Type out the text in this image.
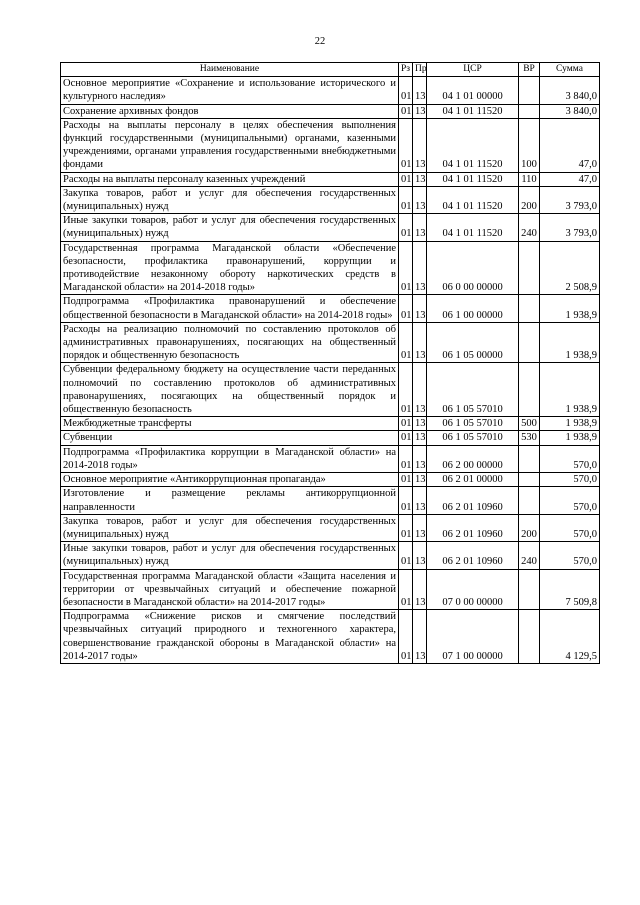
22
Наименование	Рз	Пр	ЦСР	ВР	Сумма
Основное мероприятие «Сохранение и использование исторического и культурного наследия»	01	13	04 1 01 00000		3 840,0
Сохранение архивных фондов	01	13	04 1 01 11520		3 840,0
Расходы на выплаты персоналу в целях обеспечения выполнения функций государственными (муниципальными) органами, казенными учреждениями, органами управления государственными внебюджетными фондами	01	13	04 1 01 11520	100	47,0
Расходы на выплаты персоналу казенных учреждений	01	13	04 1 01 11520	110	47,0
Закупка товаров, работ и услуг для обеспечения государственных (муниципальных) нужд	01	13	04 1 01 11520	200	3 793,0
Иные закупки товаров, работ и услуг для обеспечения государственных (муниципальных) нужд	01	13	04 1 01 11520	240	3 793,0
Государственная программа Магаданской области «Обеспечение безопасности, профилактика правонарушений, коррупции и противодействие незаконному обороту наркотических средств в Магаданской области» на 2014-2018 годы»	01	13	06 0 00 00000		2 508,9
Подпрограмма «Профилактика правонарушений и обеспечение общественной безопасности в Магаданской области» на 2014-2018 годы»	01	13	06 1 00 00000		1 938,9
Расходы на реализацию полномочий по составлению протоколов об административных правонарушениях, посягающих на общественный порядок и общественную безопасность	01	13	06 1 05 00000		1 938,9
Субвенции федеральному бюджету на осуществление части переданных полномочий по составлению протоколов об административных правонарушениях, посягающих на общественный порядок и общественную безопасность	01	13	06 1 05 57010		1 938,9
Межбюджетные трансферты	01	13	06 1 05 57010	500	1 938,9
Субвенции	01	13	06 1 05 57010	530	1 938,9
Подпрограмма «Профилактика коррупции в Магаданской области» на 2014-2018 годы»	01	13	06 2 00 00000		570,0
Основное мероприятие «Антикоррупционная пропаганда»	01	13	06 2 01 00000		570,0
Изготовление и размещение рекламы антикоррупционной направленности	01	13	06 2 01 10960		570,0
Закупка товаров, работ и услуг для обеспечения государственных (муниципальных) нужд	01	13	06 2 01 10960	200	570,0
Иные закупки товаров, работ и услуг для обеспечения государственных (муниципальных) нужд	01	13	06 2 01 10960	240	570,0
Государственная программа Магаданской области «Защита населения и территории от чрезвычайных ситуаций и обеспечение пожарной безопасности в Магаданской области» на 2014-2017 годы»	01	13	07 0 00 00000		7 509,8
Подпрограмма «Снижение рисков и смягчение последствий чрезвычайных ситуаций природного и техногенного характера, совершенствование гражданской обороны в Магаданской области» на 2014-2017 годы»	01	13	07 1 00 00000		4 129,5
